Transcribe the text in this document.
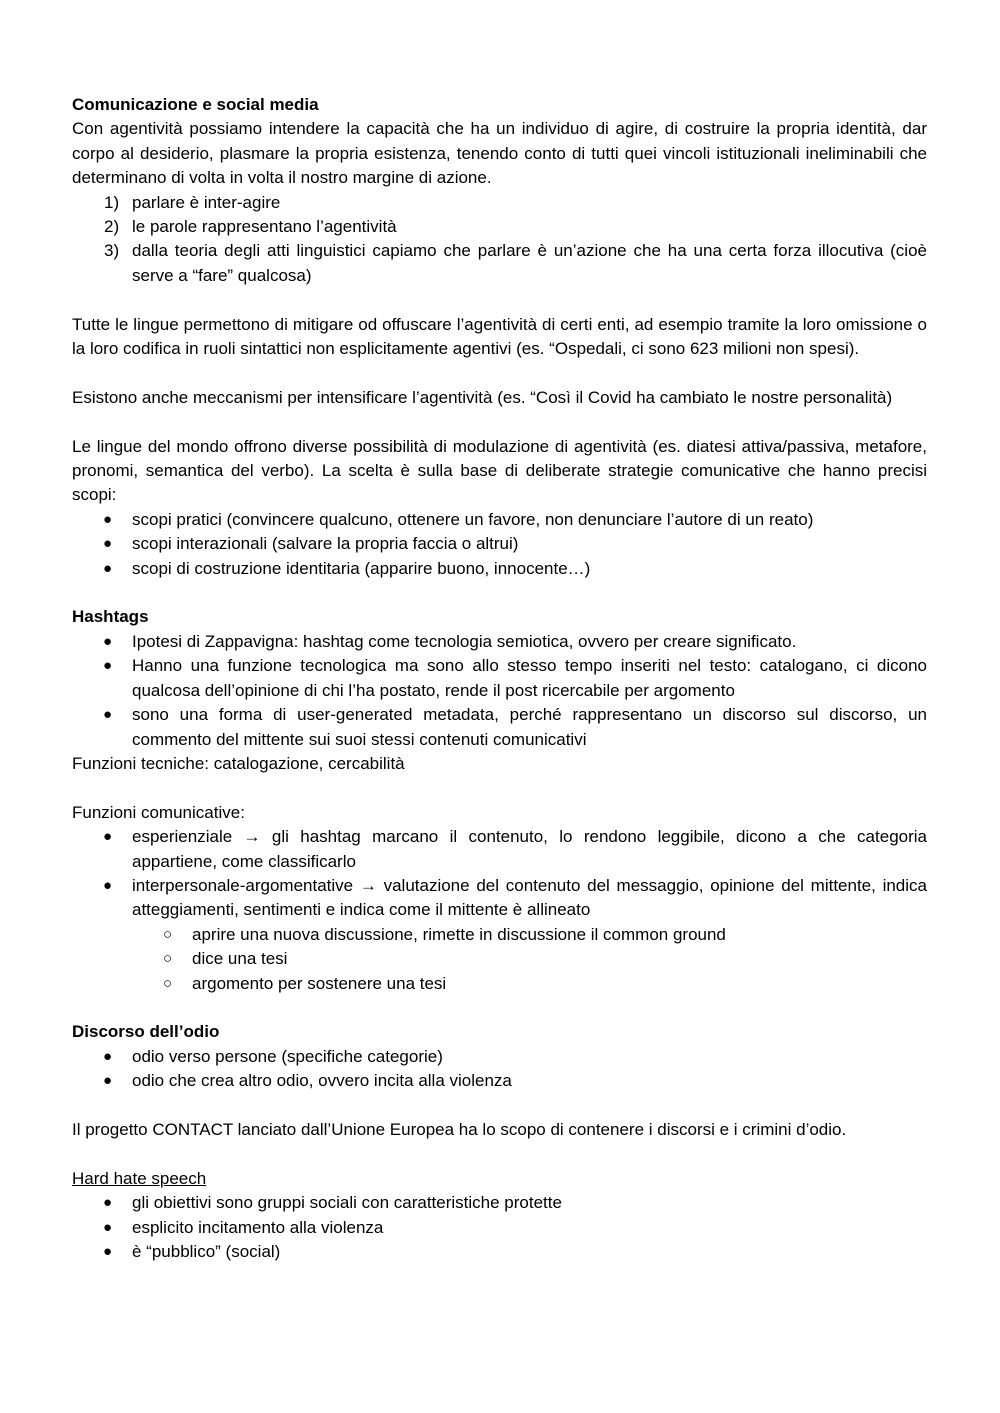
Comunicazione e social media

Con agentività possiamo intendere la capacità che ha un individuo di agire, di costruire la propria identità, dar corpo al desiderio, plasmare la propria esistenza, tenendo conto di tutti quei vincoli istituzionali ineliminabili che determinano di volta in volta il nostro margine di azione.

1) parlare è inter-agire
2) le parole rappresentano l’agentività
3) dalla teoria degli atti linguistici capiamo che parlare è un’azione che ha una certa forza illocutiva (cioè serve a “fare” qualcosa)

Tutte le lingue permettono di mitigare od offuscare l’agentività di certi enti, ad esempio tramite la loro omissione o la loro codifica in ruoli sintattici non esplicitamente agentivi (es. “Ospedali, ci sono 623 milioni non spesi).

Esistono anche meccanismi per intensificare l’agentività (es. “Così il Covid ha cambiato le nostre personalità)

Le lingue del mondo offrono diverse possibilità di modulazione di agentività (es. diatesi attiva/passiva, metafore, pronomi, semantica del verbo). La scelta è sulla base di deliberate strategie comunicative che hanno precisi scopi:

● scopi pratici (convincere qualcuno, ottenere un favore, non denunciare l’autore di un reato)
● scopi interazionali (salvare la propria faccia o altrui)
● scopi di costruzione identitaria (apparire buono, innocente…)

Hashtags

● Ipotesi di Zappavigna: hashtag come tecnologia semiotica, ovvero per creare significato.
● Hanno una funzione tecnologica ma sono allo stesso tempo inseriti nel testo: catalogano, ci dicono qualcosa dell’opinione di chi l’ha postato, rende il post ricercabile per argomento
● sono una forma di user-generated metadata, perché rappresentano un discorso sul discorso, un commento del mittente sui suoi stessi contenuti comunicativi

Funzioni tecniche: catalogazione, cercabilità

Funzioni comunicative:

● esperienziale → gli hashtag marcano il contenuto, lo rendono leggibile, dicono a che categoria appartiene, come classificarlo
● interpersonale-argomentative → valutazione del contenuto del messaggio, opinione del mittente, indica atteggiamenti, sentimenti e indica come il mittente è allineato
○ aprire una nuova discussione, rimette in discussione il common ground
○ dice una tesi
○ argomento per sostenere una tesi

Discorso dell’odio

● odio verso persone (specifiche categorie)
● odio che crea altro odio, ovvero incita alla violenza

Il progetto CONTACT lanciato dall’Unione Europea ha lo scopo di contenere i discorsi e i crimini d’odio.

Hard hate speech

● gli obiettivi sono gruppi sociali con caratteristiche protette
● esplicito incitamento alla violenza
● è “pubblico” (social)
